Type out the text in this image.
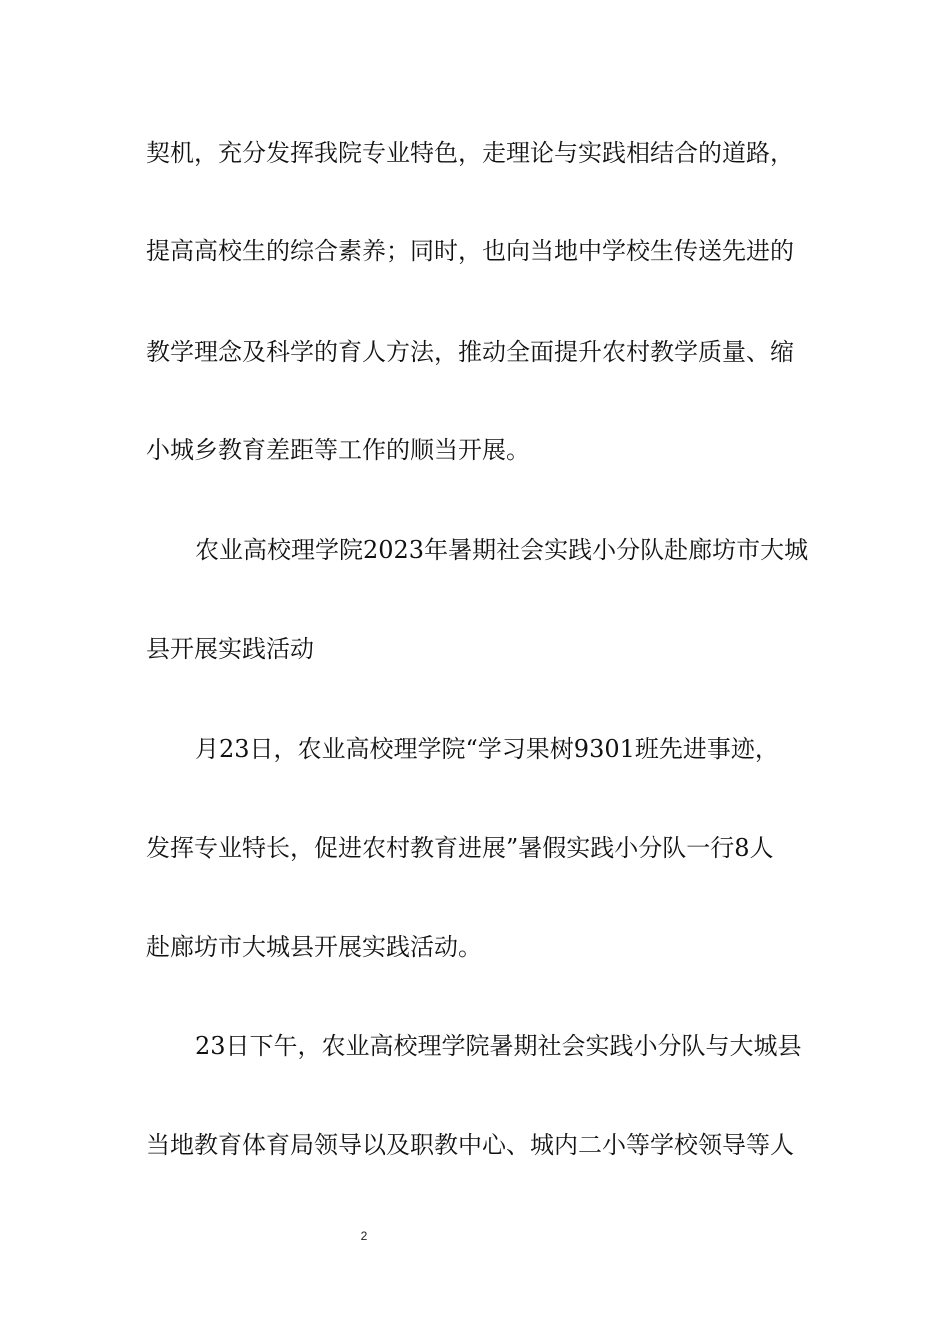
契机，充分发挥我院专业特色，走理论与实践相结合的道路，

提高高校生的综合素养；同时，也向当地中学校生传送先进的

教学理念及科学的育人方法，推动全面提升农村教学质量、缩

小城乡教育差距等工作的顺当开展。

农业高校理学院2023年暑期社会实践小分队赴廊坊市大城

县开展实践活动

月23日，农业高校理学院“学习果树9301班先进事迹，

发挥专业特长，促进农村教育进展”暑假实践小分队一行8人

赴廊坊市大城县开展实践活动。

23日下午，农业高校理学院暑期社会实践小分队与大城县

当地教育体育局领导以及职教中心、城内二小等学校领导等人

2
